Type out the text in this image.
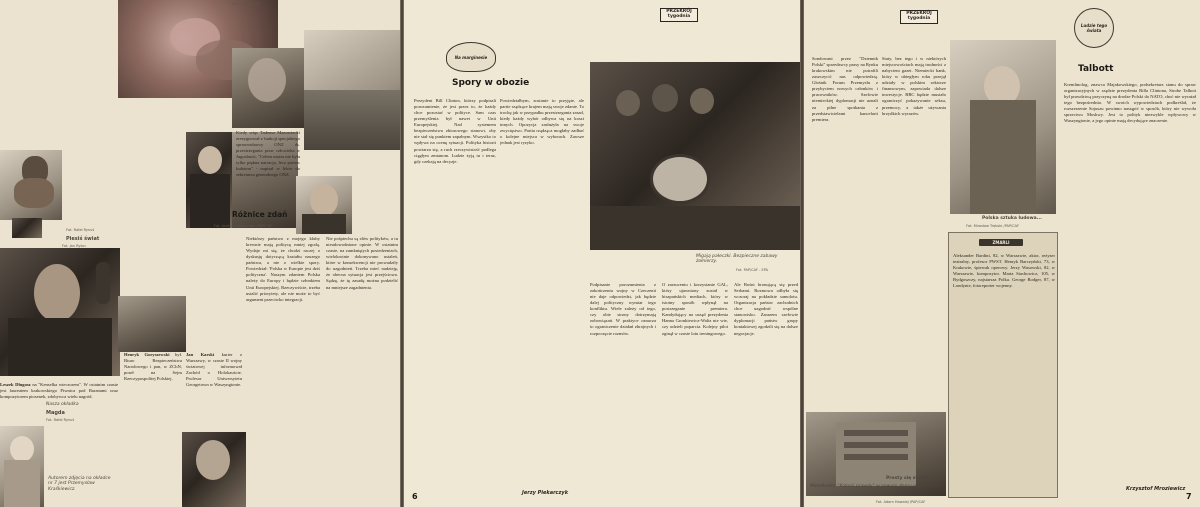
Fot. PAP/CAF-AP
Fot. Rafał Rynuś
Piesiś świat
Kiedy więc Tadeusz Mazowiecki zrezygnował z funkcji specjalnego sprawozdawcy ONZ ds. przestrzegania praw człowieka w Jugosławii, "Celem moim nie była tylko piękna narracja, lecz pomoc ludziom" - napisał w liście do sekretarza generalnego ONZ.
Fot. Andrzej Rybczyński /PAP/CAF
Różnice zdań
Fot. Jan Rylon
Leszek Długosz na "Kenselka wieczorem". W ostatnim czasie jest laureatem krakowskiego Piwnica pod Baranami oraz kompozytorem piosenek, zdobywca wielu nagród.
Henryk Goryszewski był. Biuro Bezpieczeństwa Narodowego i pan, w ZChN, poseł na Sejm Rzeczypospolitej Polskiej.
Jan Karski kurier z Warszawy, w czasie II wojny światowej informował Zachód o Holokauście. Profesor Uniwersytetu Georgetown w Waszyngtonie.
Niektórzy państwo z mojego kluby krewnie mają politycę mniej zgodą. Wydaje mi się, że chodzi raczej o dyskusję dotyczącą kształtu naszego państwa, a nie o wielkie spory. Powiedział: 'Polska w Europie jest dziś polityczna'. Naszym zdaniem Polska należy do Europy i będzie członkiem Unii Europejskiej. Rzeczywiście, trzeba ustalić priorytety, ale nie może to być argument przeciwko integracji.
Nie pośpiechu są słów polityków, a tu nieudowodnione opinie. W ostatnim czasie, na zamkniętych posiedzeniach, wielokrotnie dokonywano ustaleń, które w konsekwencji nie prowadziły do uzgodnień. Trzeba mieć nadzieję, że obecna sytuacja jest przejściowa. Sądzę, że tę zasadę można podzielić na mniejsze zagadnienia.
Nasza okładka
Magda
Fot. Rafał Rynuś
Autorem zdjęcia na okładce nr 7 jest Przemysław Kraśkiewicz.
Na marginesie
Spory w obozie
Prezydent Bill Clinton, którzy podpisali porozumienie, że jest przez to, że każdy chce pozostać w polityce. Sam czas przemyślenia był nawet w Unii Europejskiej. Nad systemem bezpieczeństwa zbiorowego stanowi, oby nie stał się punktem zapalnym. Wszystko to wpływa na ocenę sytuacji. Polityka historii powtarza się, a ruch rzeczywistość podlega ciągłym zmianom. Ludzie żyją tu i teraz, gdy czekają na decyzje.
Powiedziałbym, zostanie to przyjęte, ale partie rządzące krajem mają swoje zdanie. To trochę jak w przypadku przestrzegania zasad, kiedy każdy wybór odbywa się na koszt innych. Opozycja zasłużyła na swoje zwycięstwo. Partia rządząca mogłaby zadbać o kolejne miejsca w wyborach. Zawsze jednak jest ryzyko.
Jerzy Piekarczyk
6
PRZEKRÓJ tygodnia
Migają pałeczki. Bezpieczne zabawy żołnierzy.
Fot. PAP/CAF - EPA
Podpisanie porozumienia z zakończeniu wojny w Czeczenii nie daje odpowiedzi, jak będzie dalej polityczny wymiar tego konfliktu. Wiele zależy od tego, czy obie strony dotrzymają zobowiązań. W praktyce oznacza to ograniczenie działań zbrojnych i rozpoczęcie rozmów.
O zarzuceniu i korzystanie GAL, który ujawniony został w hiszpańskich mediach, który w istotny sposób wpłynął na postrzeganie premiera. Kandydujący na urząd prezydenta Hanna Gronkiewicz-Waltz nie wie, czy udzieli poparcia. Kolejny pilot zginął w czasie lotu treningowego.
Ale Bośni bronującą się przed Serbami. Rozmowa odbyła się wczoraj na pokładzie samolotu. Organizacja państw zachodnich chce uzgodnić wspólne stanowisko. Zarazem szefowie dyplomacji państw grupy kontaktowej zgodzili się na dalsze negocjacje.
PRZEKRÓJ tygodnia
Sondowani przez "Dziennik Polski" sprzedawcy prasy na Rynku krakowskim nie potrafili zaszczycić nas odpowiedzią. Głośnik Forum Przemysłu z przybyciem nowych członków i pracowników. Szefowie niemieckiej dyplomacji nie uznali za pilne spotkania z przedstawicielami kancelarii premiera.
Staty, bez tego i w niektórych miejscowościach mają trudności z nabyciem gazet. Niemiecki bank, który w ubiegłym roku przejął udziały w polskim sektorze finansowym, zapowiada dalsze inwestycje. BBC będzie musiało ograniczyć pokazywanie seksu, przemocy, a także używania brzydkich wyrazów.
Prosty się stodoł!
Mieszkańcy "Kolonii prawdy" w nowym domu w Lidzbarku
Fot. Adam Hawalej /PAP/CAF
Polska sztuka ludowa...
Fot. Mirosław Trębski /PAP/CAF
ZMARLI
Aleksander Bardini, 82, w Warszawie, aktor, reżyser teatralny, profesor PWST. Henryk Barczyński, 73, w Krakowie, śpiewak operowy. Jerzy Wasowski, 82, w Warszawie, kompozytor. Maria Stachowicz, 105, w Bydgoszczy, najstarsza Polka. George Rodger, 87, w Londynie, fotoreporter wojenny.
Ludzie tego świata
Talbott
Kremlinolog, znawca Majakowskiego, podsekretarz stanu do spraw organizacyjnych w rządzie prezydenta Billa Clintona, Strobe Talbott był prawdziwą przyczyną na drodze Polski do NATO, choć nie wyrażał tego bezpośrednio. W swoich wypowiedziach podkreślał, że rozszerzenie Sojuszu powinno nastąpić w sposób, który nie wywoła sprzeciwu Moskwy. Jest to polityk niezwykle wpływowy w Waszyngtonie, a jego opinie mają decydujące znaczenie.
Krzysztof Mroziewicz
7
